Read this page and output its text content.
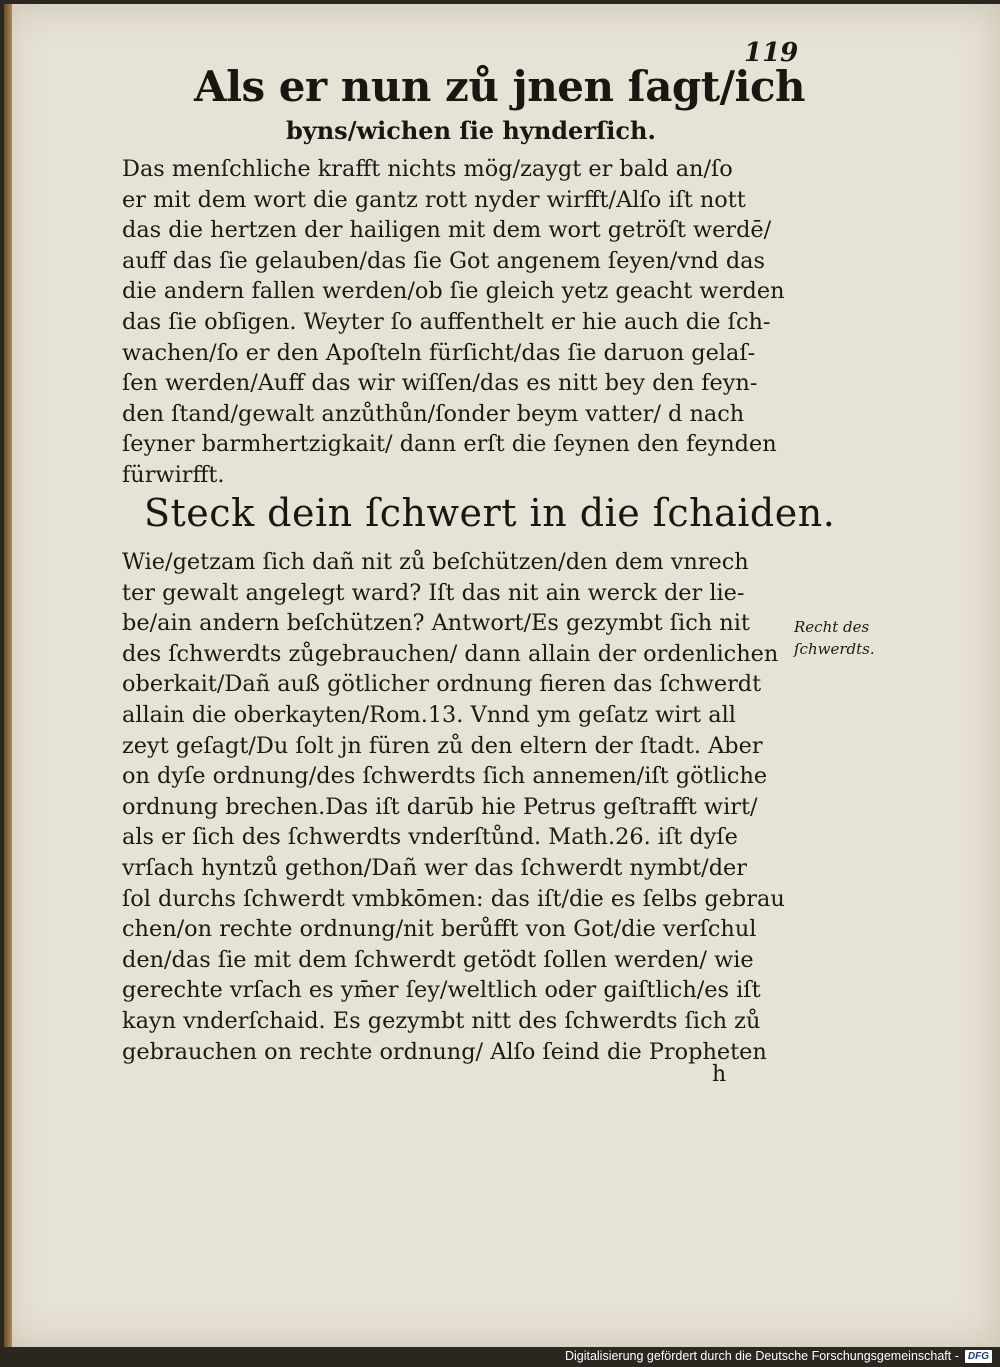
119
Als er nun zů jnen ſagt/ich
byns/wichen ſie hynderſich.
Das menſchliche krafft nichts mög/zaygt er bald an/ſo
er mit dem wort die gantz rott nyder wirfft/Alſo iſt nott
das die hertzen der hailigen mit dem wort getröſt werdē/
auff das ſie gelauben/das ſie Got angenem ſeyen/vnd das
die andern fallen werden/ob ſie gleich yetz geacht werden
das ſie obſigen. Weyter ſo auffenthelt er hie auch die ſch-
wachen/ſo er den Apoſteln fürſicht/das ſie daruon gelaſ-
ſen werden/Auff das wir wiſſen/das es nitt bey den feyn-
den ſtand/gewalt anzůthůn/ſonder beym vatter/ d nach
ſeyner barmhertzigkait/ dann erſt die ſeynen den feynden
fürwirfft.
Steck dein ſchwert in die ſchaiden.
Wie/getzam ſich dañ nit zů beſchützen/den dem vnrech
ter gewalt angelegt ward? Iſt das nit ain werck der lie-
be/ain andern beſchützen? Antwort/Es gezymbt ſich nit
des ſchwerdts zůgebrauchen/ dann allain der ordenlichen
oberkait/Dañ auß götlicher ordnung fieren das ſchwerdt
allain die oberkayten/Rom.13. Vnnd ym geſatz wirt all
zeyt geſagt/Du ſolt jn füren zů den eltern der ſtadt. Aber
on dyſe ordnung/des ſchwerdts ſich annemen/iſt götliche
ordnung brechen.Das iſt darūb hie Petrus geſtrafft wirt/
als er ſich des ſchwerdts vnderſtůnd. Math.26. iſt dyſe
vrſach hyntzů gethon/Dañ wer das ſchwerdt nymbt/der
ſol durchs ſchwerdt vmbkōmen: das iſt/die es ſelbs gebrau
chen/on rechte ordnung/nit berůfft von Got/die verſchul
den/das ſie mit dem ſchwerdt getödt ſollen werden/ wie
gerechte vrſach es ym̄er ſey/weltlich oder gaiſtlich/es iſt
kayn vnderſchaid. Es gezymbt nitt des ſchwerdts ſich zů
gebrauchen on rechte ordnung/ Alſo ſeind die Propheten
Recht des
ſchwerdts.
h
Digitalisierung gefördert durch die Deutsche Forschungsgemeinschaft - DFG
